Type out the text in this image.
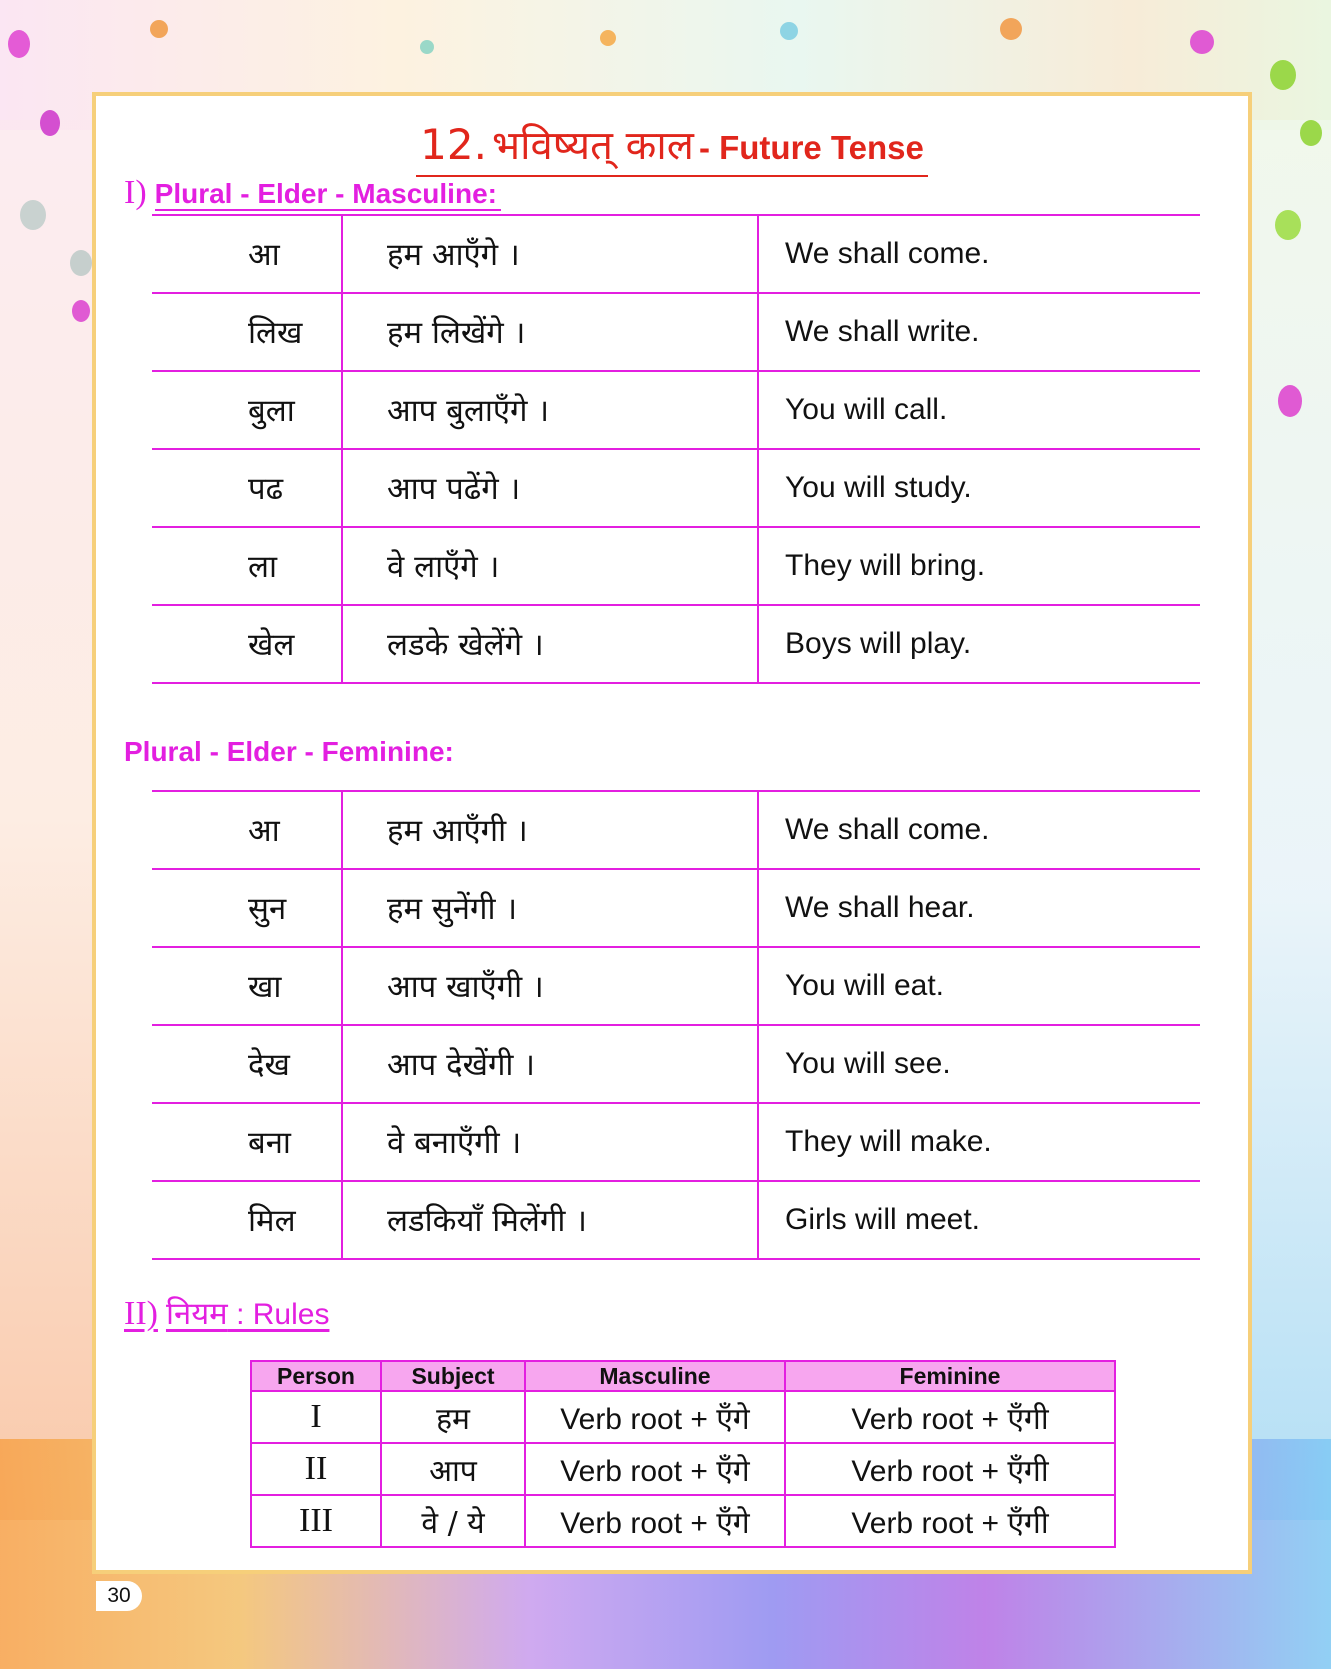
12. भविष्यत् काल - Future Tense
I) Plural - Elder - Masculine:
आ	हम आएँगे ।	We shall come.
लिख	हम लिखेंगे ।	We shall write.
बुला	आप बुलाएँगे ।	You will call.
पढ	आप पढेंगे ।	You will study.
ला	वे लाएँगे ।	They will bring.
खेल	लडके खेलेंगे ।	Boys will play.
Plural - Elder - Feminine:
आ	हम आएँगी ।	We shall come.
सुन	हम सुनेंगी ।	We shall hear.
खा	आप खाएँगी ।	You will eat.
देख	आप देखेंगी ।	You will see.
बना	वे बनाएँगी ।	They will make.
मिल	लडकियाँ मिलेंगी ।	Girls will meet.
II) नियम : Rules
Person	Subject	Masculine	Feminine
I	हम	Verb root + एँगे	Verb root + एँगी
II	आप	Verb root + एँगे	Verb root + एँगी
III	वे / ये	Verb root + एँगे	Verb root + एँगी
30
